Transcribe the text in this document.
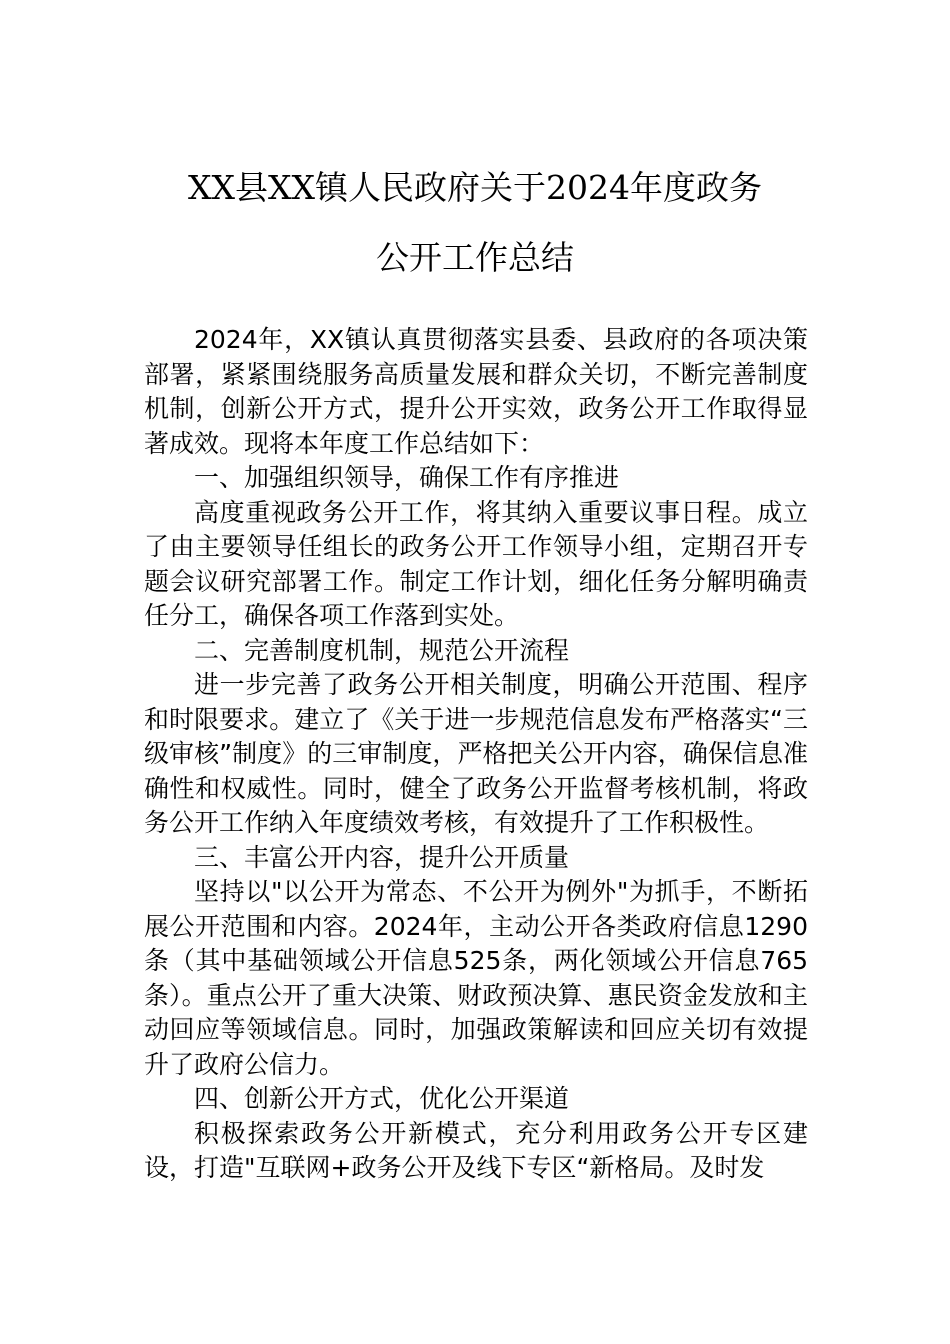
XX县XX镇人民政府关于2024年度政务
公开工作总结

2024年，XX镇认真贯彻落实县委、县政府的各项决策部署，紧紧围绕服务高质量发展和群众关切，不断完善制度机制，创新公开方式，提升公开实效，政务公开工作取得显著成效。现将本年度工作总结如下：

一、加强组织领导，确保工作有序推进

高度重视政务公开工作，将其纳入重要议事日程。成立了由主要领导任组长的政务公开工作领导小组，定期召开专题会议研究部署工作。制定工作计划，细化任务分解明确责任分工，确保各项工作落到实处。

二、完善制度机制，规范公开流程

进一步完善了政务公开相关制度，明确公开范围、程序和时限要求。建立了《关于进一步规范信息发布严格落实“三级审核”制度》的三审制度，严格把关公开内容，确保信息准确性和权威性。同时，健全了政务公开监督考核机制，将政务公开工作纳入年度绩效考核，有效提升了工作积极性。

三、丰富公开内容，提升公开质量

坚持以"以公开为常态、不公开为例外"为抓手，不断拓展公开范围和内容。2024年，主动公开各类政府信息1290条（其中基础领域公开信息525条，两化领域公开信息765条）。重点公开了重大决策、财政预决算、惠民资金发放和主动回应等领域信息。同时，加强政策解读和回应关切有效提升了政府公信力。

四、创新公开方式，优化公开渠道

积极探索政务公开新模式，充分利用政务公开专区建设，打造"互联网+政务公开及线下专区“新格局。及时发
